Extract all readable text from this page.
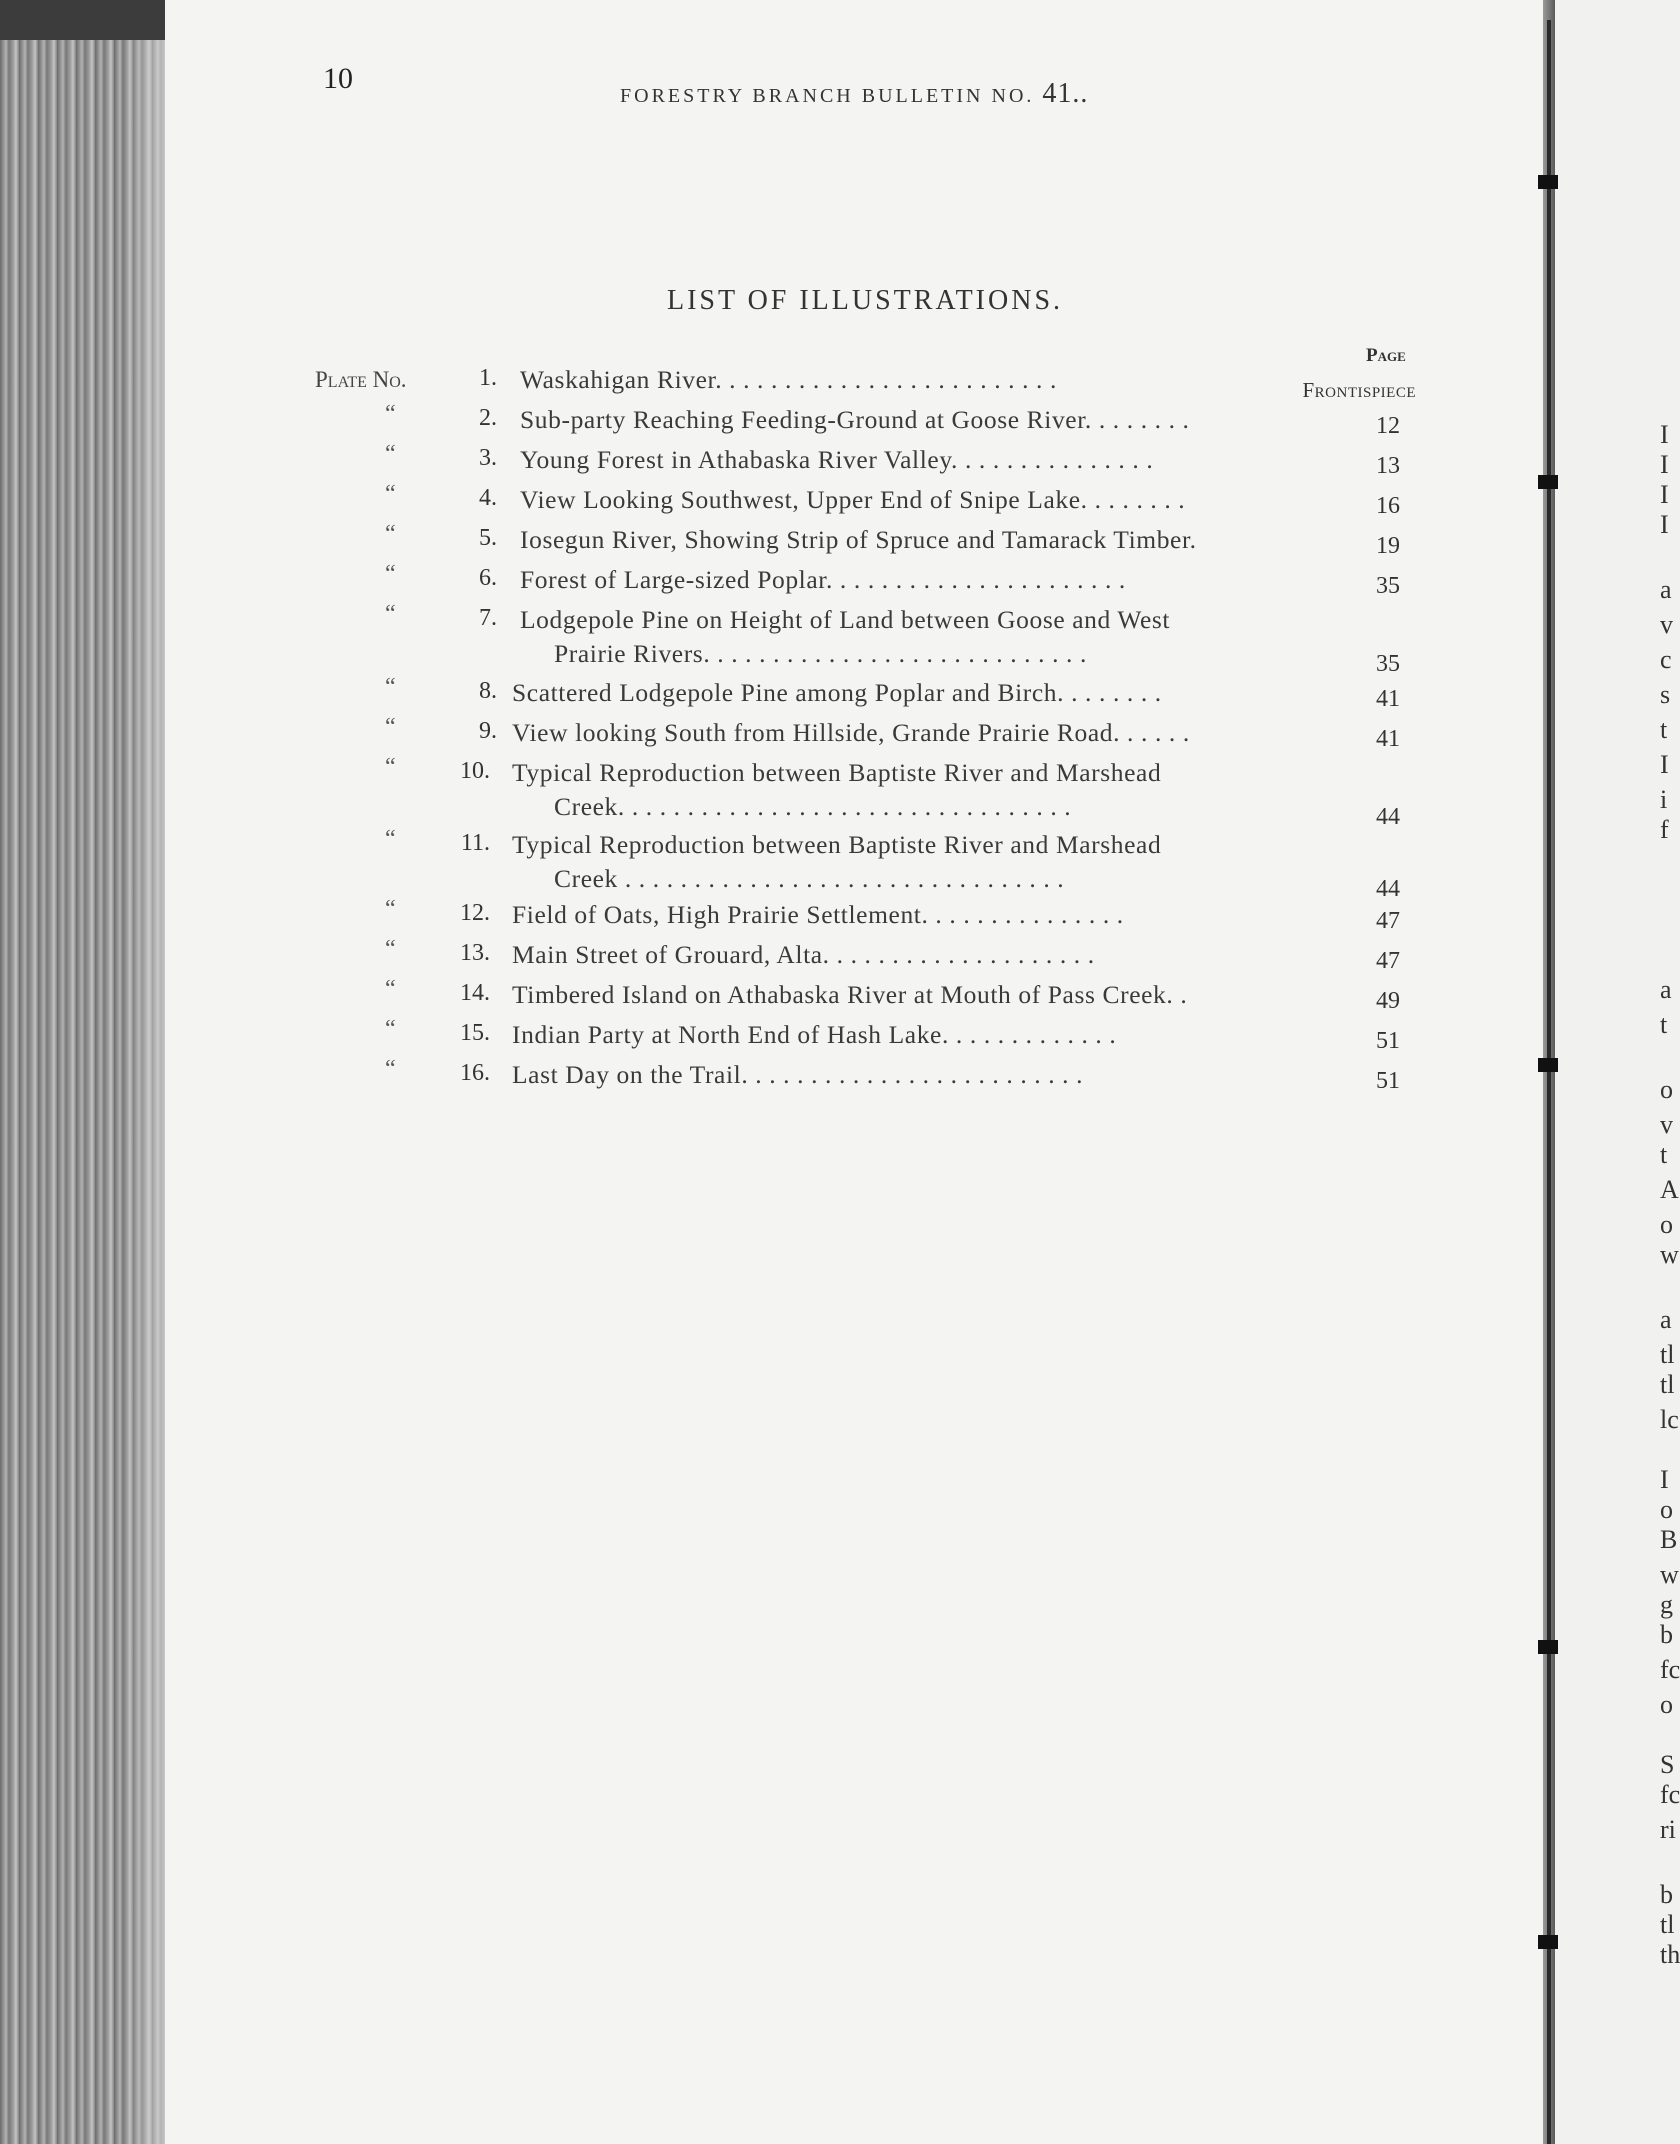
10
FORESTRY BRANCH BULLETIN NO. 41..
LIST OF ILLUSTRATIONS.
Page
Plate No.	1. Waskahigan River. . . . . . . . . . . . . . . . . . . . . . . . .	Frontispiece
“	2. Sub-party Reaching Feeding-Ground at Goose River. . . . . . . .	12
“	3. Young Forest in Athabaska River Valley. . . . . . . . . . . . . . .	13
“	4. View Looking Southwest, Upper End of Snipe Lake. . . . . . . .	16
“	5. Iosegun River, Showing Strip of Spruce and Tamarack Timber.	19
“	6. Forest of Large-sized Poplar. . . . . . . . . . . . . . . . . . . . . .	35
“	7. Lodgepole Pine on Height of Land between Goose and West
Prairie Rivers. . . . . . . . . . . . . . . . . . . . . . . . . . . .	35
“	8. Scattered Lodgepole Pine among Poplar and Birch. . . . . . . .	41
“	9. View looking South from Hillside, Grande Prairie Road. . . . . .	41
“	10. Typical Reproduction between Baptiste River and Marshead
Creek. . . . . . . . . . . . . . . . . . . . . . . . . . . . . . . . .	44
“	11. Typical Reproduction between Baptiste River and Marshead
Creek . . . . . . . . . . . . . . . . . . . . . . . . . . . . . . . .	44
“	12. Field of Oats, High Prairie Settlement. . . . . . . . . . . . . . .	47
“	13. Main Street of Grouard, Alta. . . . . . . . . . . . . . . . . . . .	47
“	14. Timbered Island on Athabaska River at Mouth of Pass Creek. .	49
“	15. Indian Party at North End of Hash Lake. . . . . . . . . . . . .	51
“	16. Last Day on the Trail. . . . . . . . . . . . . . . . . . . . . . . . .	51
I
I
I
I
a
v
c
s
t
I
i
f
a
t
o
v
t
A
o
w
a
tl
tl
lc
I
o
B
w
g
b
fc
o
S
fc
ri
b
tl
th
